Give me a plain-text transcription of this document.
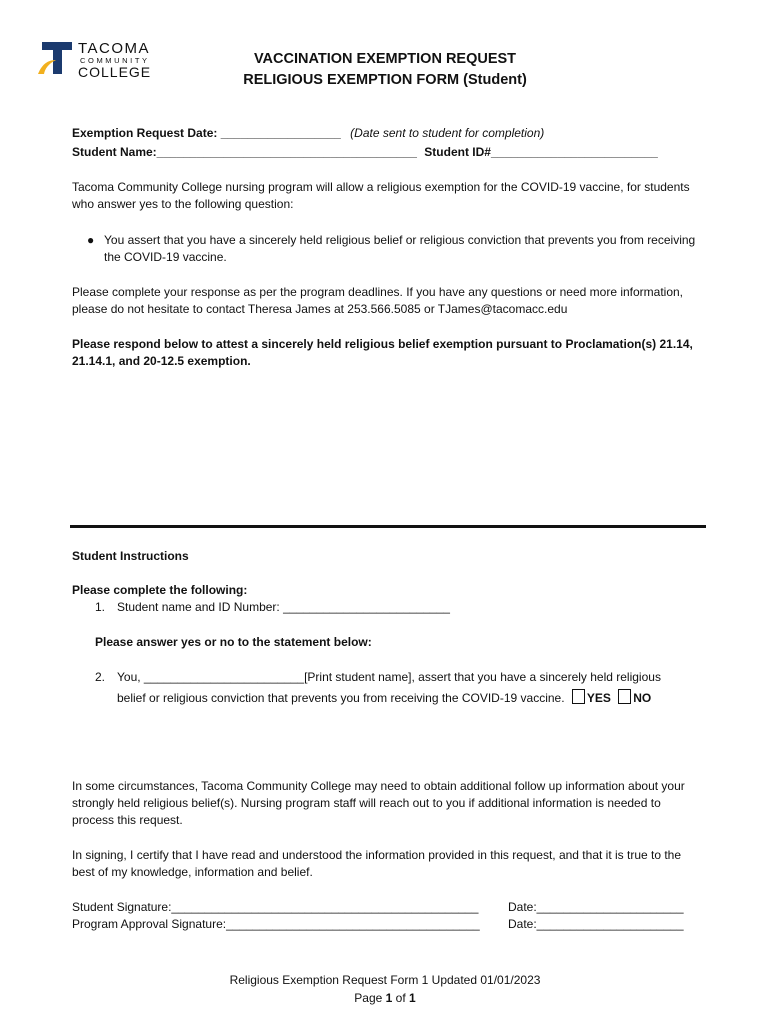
TACOMA
COMMUNITY
COLLEGE
VACCINATION EXEMPTION REQUEST
RELIGIOUS EXEMPTION FORM (Student)
Exemption Request Date: __________________ (Date sent to student for completion)
Student Name:_______________________________________ Student ID#_________________________
Tacoma Community College nursing program will allow a religious exemption for the COVID-19 vaccine, for students who answer yes to the following question:
● You assert that you have a sincerely held religious belief or religious conviction that prevents you from receiving the COVID-19 vaccine.
Please complete your response as per the program deadlines. If you have any questions or need more information, please do not hesitate to contact Theresa James at 253.566.5085 or TJames@tacomacc.edu
Please respond below to attest a sincerely held religious belief exemption pursuant to Proclamation(s) 21.14, 21.14.1, and 20-12.5 exemption.
Student Instructions
Please complete the following:
1. Student name and ID Number: _________________________
Please answer yes or no to the statement below:
2. You, ________________________[Print student name], assert that you have a sincerely held religious
belief or religious conviction that prevents you from receiving the COVID-19 vaccine. YES NO
In some circumstances, Tacoma Community College may need to obtain additional follow up information about your strongly held religious belief(s). Nursing program staff will reach out to you if additional information is needed to process this request.
In signing, I certify that I have read and understood the information provided in this request, and that it is true to the best of my knowledge, information and belief.
Student Signature:______________________________________________ Date:______________________
Program Approval Signature:______________________________________ Date:______________________
Religious Exemption Request Form 1 Updated 01/01/2023
Page 1 of 1
